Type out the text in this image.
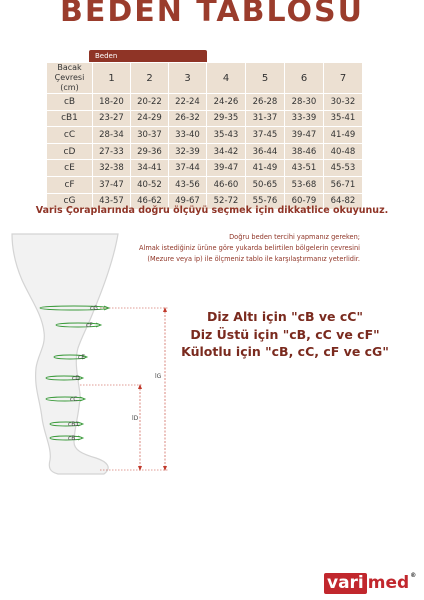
BEDEN TABLOSU
Beden
Bacak
Çevresi (cm)	1	2	3	4	5	6	7
cB	18-20	20-22	22-24	24-26	26-28	28-30	30-32
cB1	23-27	24-29	26-32	29-35	31-37	33-39	35-41
cC	28-34	30-37	33-40	35-43	37-45	39-47	41-49
cD	27-33	29-36	32-39	34-42	36-44	38-46	40-48
cE	32-38	34-41	37-44	39-47	41-49	43-51	45-53
cF	37-47	40-52	43-56	46-60	50-65	53-68	56-71
cG	43-57	46-62	49-67	52-72	55-76	60-79	64-82
Varis Çoraplarında doğru ölçüyü seçmek için dikkatlice okuyunuz.
Doğru beden tercihi yapmanız gereken;
Almak istediğiniz ürüne göre yukarda belirtilen bölgelerin çevresini
(Mezure veya ip) ile ölçmeniz tablo ile karşılaştırmanız yeterlidir.
cG
cF
cE
cD
cC
cB1
cB
lG
lD
Diz Altı için "cB ve cC"
Diz Üstü için "cB, cC ve cF"
Külotlu için "cB, cC, cF ve cG"
vari med ®
